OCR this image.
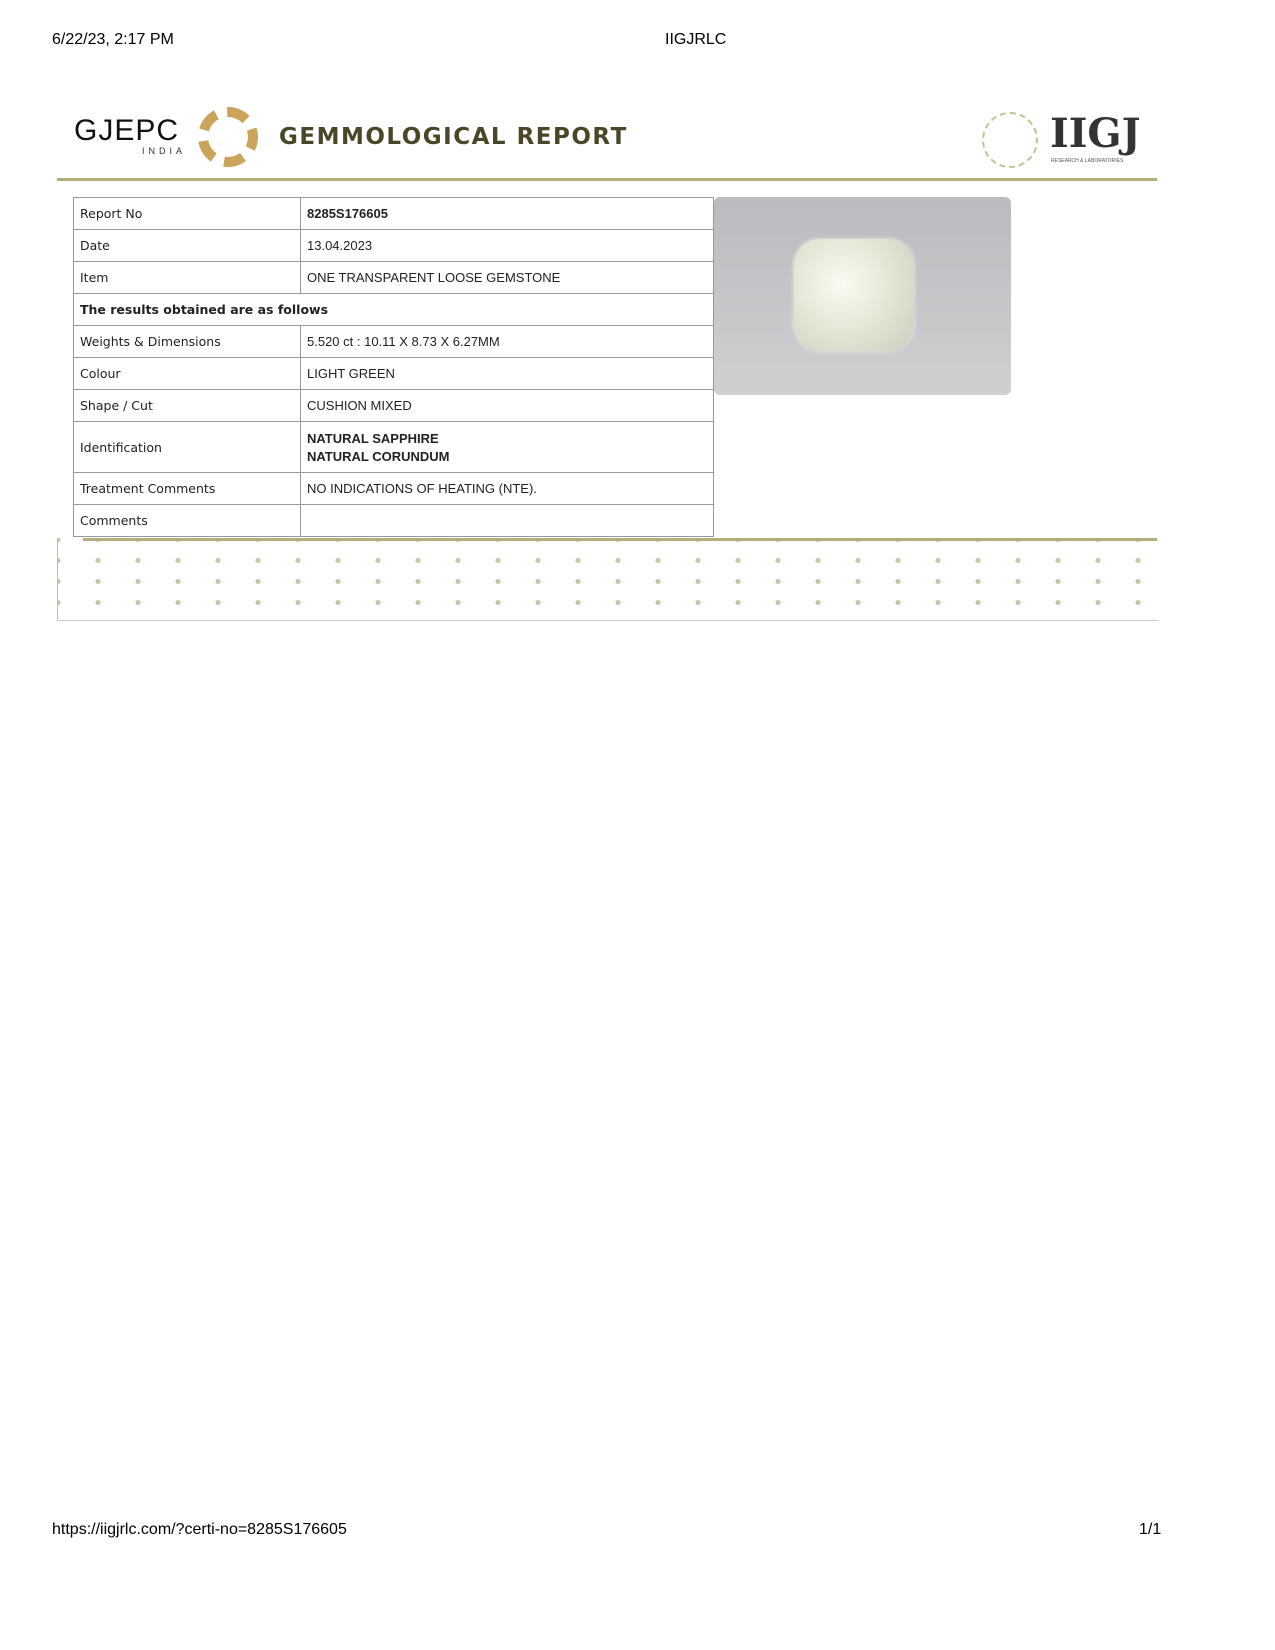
6/22/23, 2:17 PM	IIGJRLC
GJEPC
INDIA
GEMMOLOGICAL REPORT	IIGJ
RESEARCH & LABORATORIES
Report No	8285S176605
Date	13.04.2023
Item	ONE TRANSPARENT LOOSE GEMSTONE
The results obtained are as follows	
Weights & Dimensions	5.520 ct : 10.11 X 8.73 X 6.27MM
Colour	LIGHT GREEN
Shape / Cut	CUSHION MIXED
Identification	NATURAL SAPPHIRE
NATURAL CORUNDUM

Treatment Comments	NO INDICATIONS OF HEATING (NTE).
Comments	
https://iigjrlc.com/?certi-no=8285S176605	1/1
